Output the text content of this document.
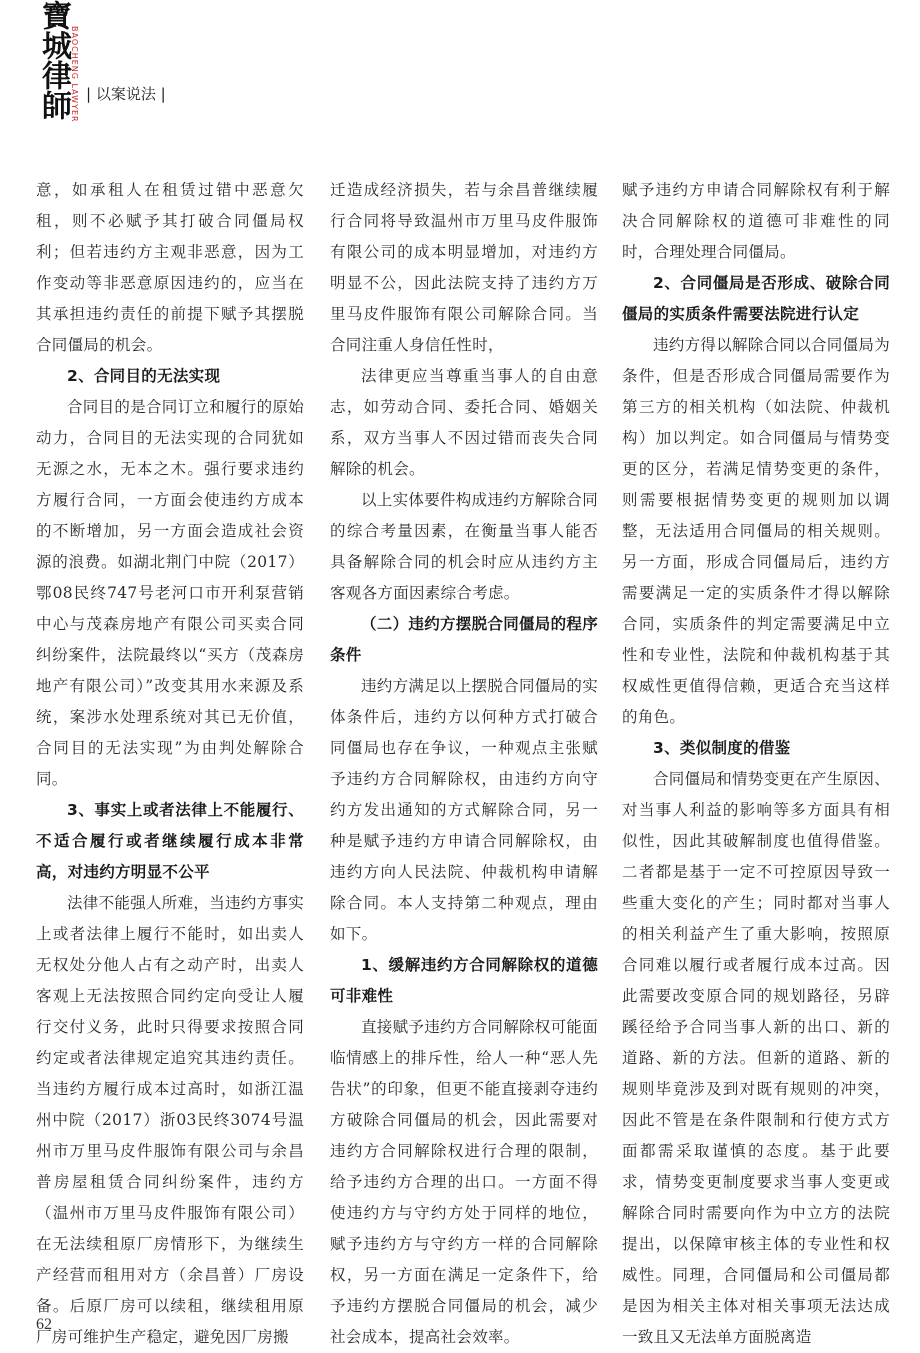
寶城律師 BAOCHENG LAWYER | 以案说法 |

意，如承租人在租赁过错中恶意欠租，则不必赋予其打破合同僵局权利；但若违约方主观非恶意，因为工作变动等非恶意原因违约的，应当在其承担违约责任的前提下赋予其摆脱合同僵局的机会。

2、合同目的无法实现

合同目的是合同订立和履行的原始动力，合同目的无法实现的合同犹如无源之水，无本之木。强行要求违约方履行合同，一方面会使违约方成本的不断增加，另一方面会造成社会资源的浪费。如湖北荆门中院（2017）鄂08民终747号老河口市开利泵营销中心与茂森房地产有限公司买卖合同纠纷案件，法院最终以“买方（茂森房地产有限公司）”改变其用水来源及系统，案涉水处理系统对其已无价值，合同目的无法实现”为由判处解除合同。

3、事实上或者法律上不能履行、不适合履行或者继续履行成本非常高，对违约方明显不公平

法律不能强人所难，当违约方事实上或者法律上履行不能时，如出卖人无权处分他人占有之动产时，出卖人客观上无法按照合同约定向受让人履行交付义务，此时只得要求按照合同约定或者法律规定追究其违约责任。当违约方履行成本过高时，如浙江温州中院（2017）浙03民终3074号温州市万里马皮件服饰有限公司与余昌普房屋租赁合同纠纷案件，违约方（温州市万里马皮件服饰有限公司）在无法续租原厂房情形下，为继续生产经营而租用对方（余昌普）厂房设备。后原厂房可以续租，继续租用原厂房可维护生产稳定，避免因厂房搬

迁造成经济损失，若与余昌普继续履行合同将导致温州市万里马皮件服饰有限公司的成本明显增加，对违约方明显不公，因此法院支持了违约方万里马皮件服饰有限公司解除合同。当合同注重人身信任性时，

法律更应当尊重当事人的自由意志，如劳动合同、委托合同、婚姻关系，双方当事人不因过错而丧失合同解除的机会。

以上实体要件构成违约方解除合同的综合考量因素，在衡量当事人能否具备解除合同的机会时应从违约方主客观各方面因素综合考虑。

（二）违约方摆脱合同僵局的程序条件

违约方满足以上摆脱合同僵局的实体条件后，违约方以何种方式打破合同僵局也存在争议，一种观点主张赋予违约方合同解除权，由违约方向守约方发出通知的方式解除合同，另一种是赋予违约方申请合同解除权，由违约方向人民法院、仲裁机构申请解除合同。本人支持第二种观点，理由如下。

1、缓解违约方合同解除权的道德可非难性

直接赋予违约方合同解除权可能面临情感上的排斥性，给人一种“恶人先告状”的印象，但更不能直接剥夺违约方破除合同僵局的机会，因此需要对违约方合同解除权进行合理的限制，给予违约方合理的出口。一方面不得使违约方与守约方处于同样的地位，赋予违约方与守约方一样的合同解除权，另一方面在满足一定条件下，给予违约方摆脱合同僵局的机会，减少社会成本，提高社会效率。

赋予违约方申请合同解除权有利于解决合同解除权的道德可非难性的同时，合理处理合同僵局。

2、合同僵局是否形成、破除合同僵局的实质条件需要法院进行认定

违约方得以解除合同以合同僵局为条件，但是否形成合同僵局需要作为第三方的相关机构（如法院、仲裁机构）加以判定。如合同僵局与情势变更的区分，若满足情势变更的条件，则需要根据情势变更的规则加以调整，无法适用合同僵局的相关规则。另一方面，形成合同僵局后，违约方需要满足一定的实质条件才得以解除合同，实质条件的判定需要满足中立性和专业性，法院和仲裁机构基于其权威性更值得信赖，更适合充当这样的角色。

3、类似制度的借鉴

合同僵局和情势变更在产生原因、对当事人利益的影响等多方面具有相似性，因此其破解制度也值得借鉴。二者都是基于一定不可控原因导致一些重大变化的产生；同时都对当事人的相关利益产生了重大影响，按照原合同难以履行或者履行成本过高。因此需要改变原合同的规划路径，另辟蹊径给予合同当事人新的出口、新的道路、新的方法。但新的道路、新的规则毕竟涉及到对既有规则的冲突，因此不管是在条件限制和行使方式方面都需采取谨慎的态度。基于此要求，情势变更制度要求当事人变更或解除合同时需要向作为中立方的法院提出，以保障审核主体的专业性和权威性。同理，合同僵局和公司僵局都是因为相关主体对相关事项无法达成一致且又无法单方面脱离造

62
